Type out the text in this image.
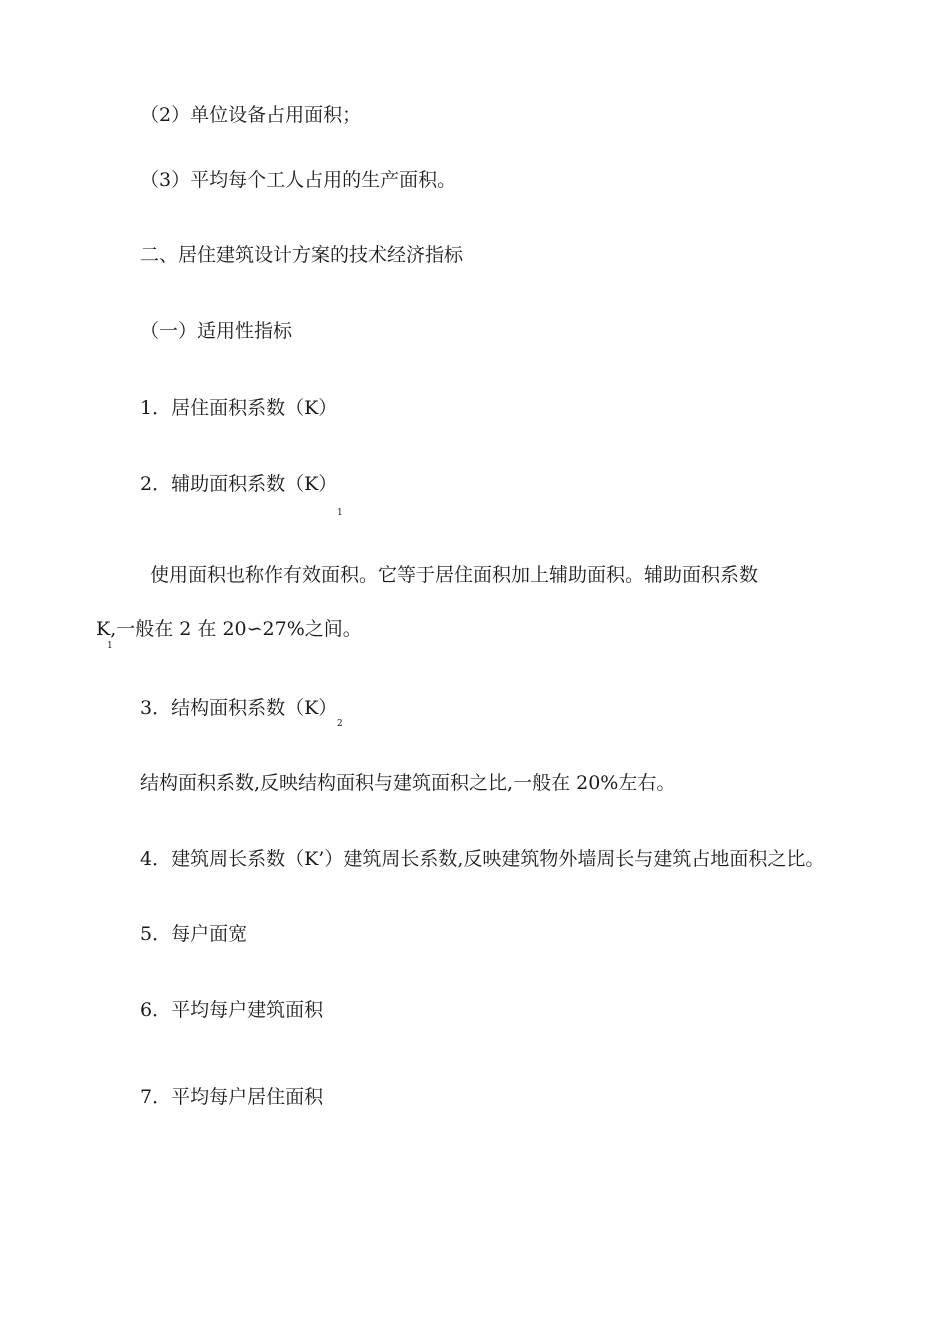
（2）单位设备占用面积；
（3）平均每个工人占用的生产面积。
二、居住建筑设计方案的技术经济指标
（一）适用性指标
1．居住面积系数（K）
2．辅助面积系数（K）
1
使用面积也称作有效面积。它等于居住面积加上辅助面积。辅助面积系数
K,一般在 2 在 20∽27%之间。
1
3．结构面积系数（K）
2
结构面积系数,反映结构面积与建筑面积之比,一般在 20%左右。
4．建筑周长系数（K’）建筑周长系数,反映建筑物外墙周长与建筑占地面积之比。
5．每户面宽
6．平均每户建筑面积
7．平均每户居住面积
